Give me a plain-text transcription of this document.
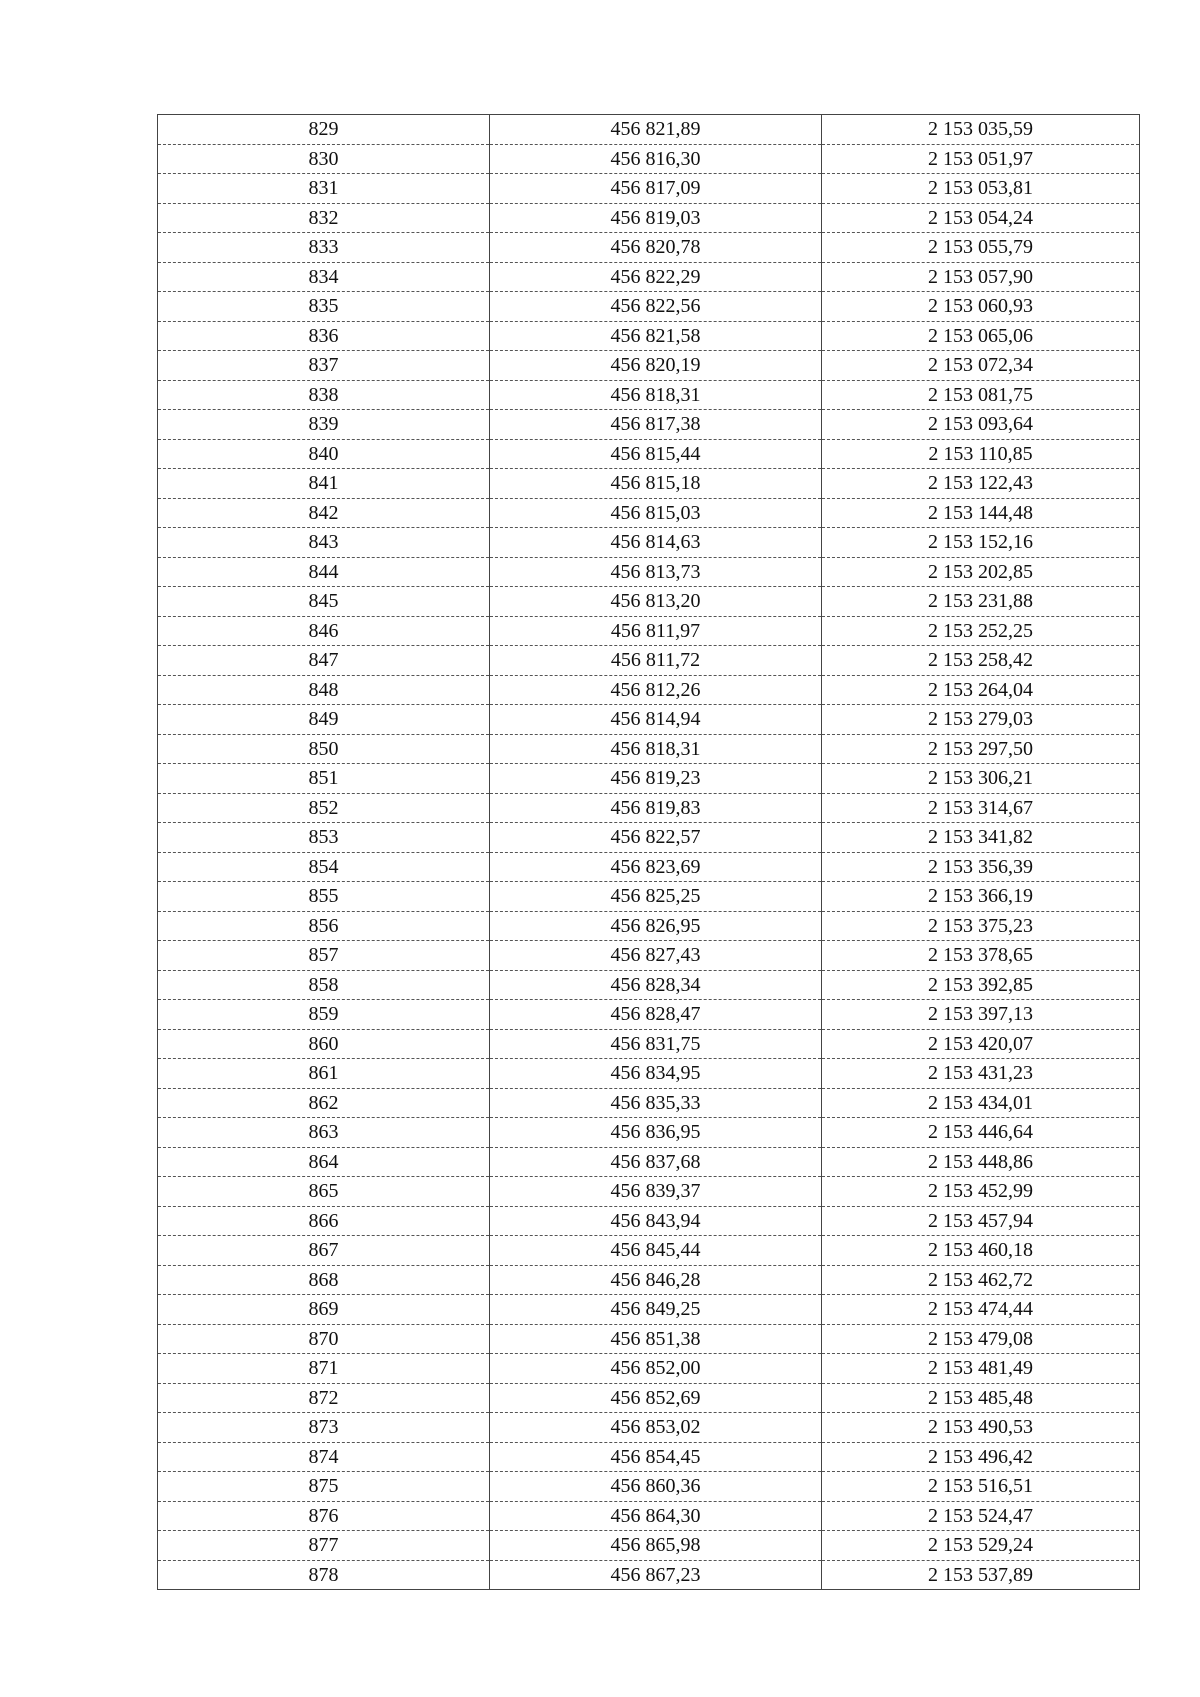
829	456 821,89	2 153 035,59
830	456 816,30	2 153 051,97
831	456 817,09	2 153 053,81
832	456 819,03	2 153 054,24
833	456 820,78	2 153 055,79
834	456 822,29	2 153 057,90
835	456 822,56	2 153 060,93
836	456 821,58	2 153 065,06
837	456 820,19	2 153 072,34
838	456 818,31	2 153 081,75
839	456 817,38	2 153 093,64
840	456 815,44	2 153 110,85
841	456 815,18	2 153 122,43
842	456 815,03	2 153 144,48
843	456 814,63	2 153 152,16
844	456 813,73	2 153 202,85
845	456 813,20	2 153 231,88
846	456 811,97	2 153 252,25
847	456 811,72	2 153 258,42
848	456 812,26	2 153 264,04
849	456 814,94	2 153 279,03
850	456 818,31	2 153 297,50
851	456 819,23	2 153 306,21
852	456 819,83	2 153 314,67
853	456 822,57	2 153 341,82
854	456 823,69	2 153 356,39
855	456 825,25	2 153 366,19
856	456 826,95	2 153 375,23
857	456 827,43	2 153 378,65
858	456 828,34	2 153 392,85
859	456 828,47	2 153 397,13
860	456 831,75	2 153 420,07
861	456 834,95	2 153 431,23
862	456 835,33	2 153 434,01
863	456 836,95	2 153 446,64
864	456 837,68	2 153 448,86
865	456 839,37	2 153 452,99
866	456 843,94	2 153 457,94
867	456 845,44	2 153 460,18
868	456 846,28	2 153 462,72
869	456 849,25	2 153 474,44
870	456 851,38	2 153 479,08
871	456 852,00	2 153 481,49
872	456 852,69	2 153 485,48
873	456 853,02	2 153 490,53
874	456 854,45	2 153 496,42
875	456 860,36	2 153 516,51
876	456 864,30	2 153 524,47
877	456 865,98	2 153 529,24
878	456 867,23	2 153 537,89
